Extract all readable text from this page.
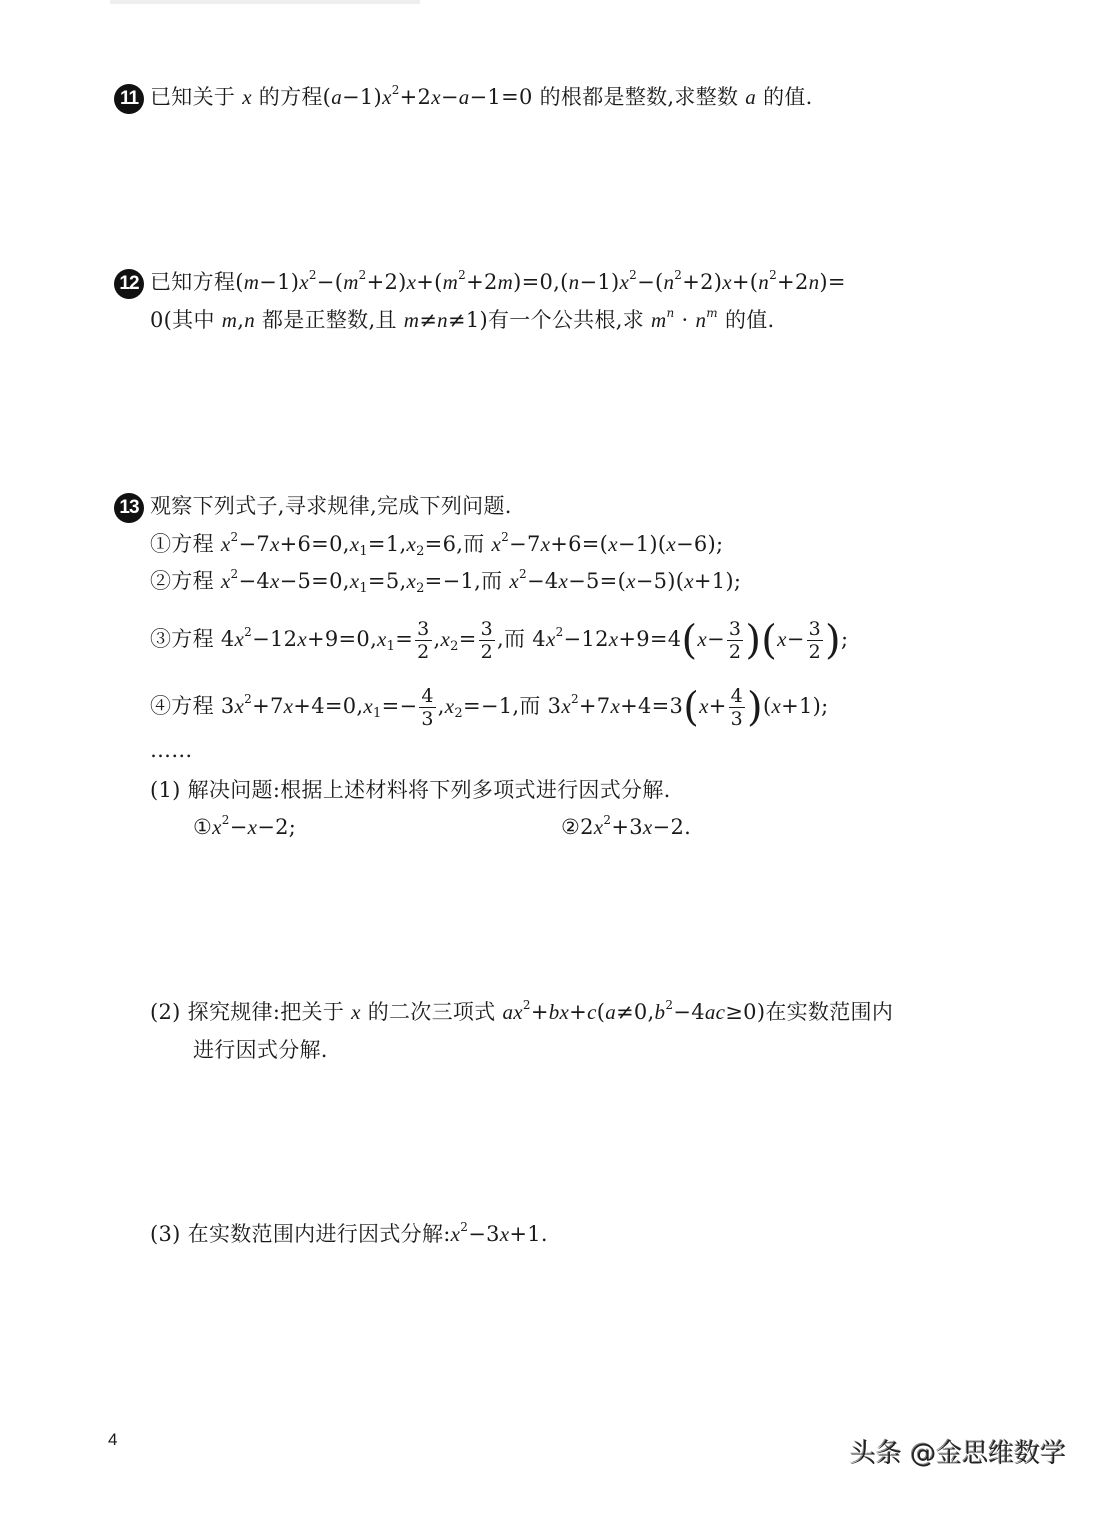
11 已知关于 x 的方程$(a-1)x^2+2x-a-1=0$ 的根都是整数,求整数 a 的值.
12 已知方程$(m-1)x^2-(m^2+2)x+(m^2+2m)=0,(n-1)x^2-(n^2+2)x+(n^2+2n)=$
0(其中 m,n 都是正整数,且 m≠n≠1)有一个公共根,求 $m^n \cdot n^m$ 的值.
13 观察下列式子,寻求规律,完成下列问题.
①方程 $x^2-7x+6=0,x_1=1,x_2=6$,而 $x^2-7x+6=(x-1)(x-6)$;
②方程 $x^2-4x-5=0,x_1=5,x_2=-1$,而 $x^2-4x-5=(x-5)(x+1)$;
③方程 $4x^2-12x+9=0,x_1= \frac{3}{2} ,x_2= \frac{3}{2}$ ,而 $4x^2-12x+9=4(x- \frac{3}{2} )(x- \frac{3}{2}$ );
④方程 $3x^2+7x+4=0,x_1=- \frac{4}{3} ,x_2=-1$,而 $3x^2+7x+4=3(x+ \frac{4}{3} )(x+1)$;
……
(1) 解决问题:根据上述材料将下列多项式进行因式分解.
$①x^2-x-2$;	$②2x^2+3x-2$.
(2) 探究规律:把关于 x 的二次三项式 $ax^2+bx+c(a\ne 0,b^2-4ac\ge 0)$在实数范围内
进行因式分解.
(3) 在实数范围内进行因式分解$:x^2-3x+1$.
4	头条 @金思维数学
